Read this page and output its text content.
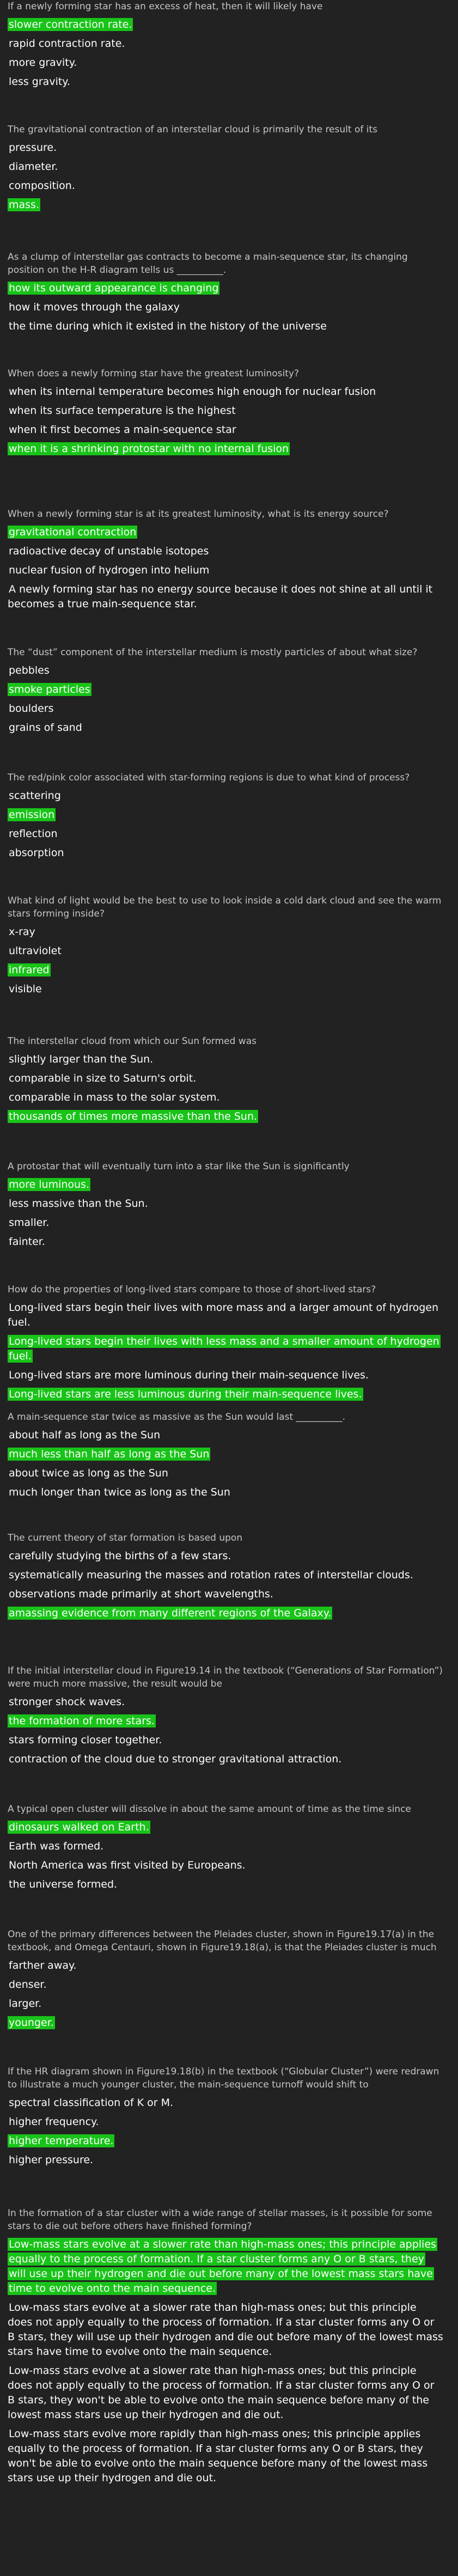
If a newly forming star has an excess of heat, then it will likely have

slower contraction rate.
rapid contraction rate.
more gravity.
less gravity.

The gravitational contraction of an interstellar cloud is primarily the result of its

pressure.
diameter.
composition.
mass.

As a clump of interstellar gas contracts to become a main-sequence star, its changing position on the H-R diagram tells us __________.

how its outward appearance is changing
how it moves through the galaxy
the time during which it existed in the history of the universe

When does a newly forming star have the greatest luminosity?

when its internal temperature becomes high enough for nuclear fusion
when its surface temperature is the highest
when it first becomes a main-sequence star
when it is a shrinking protostar with no internal fusion

When a newly forming star is at its greatest luminosity, what is its energy source?

gravitational contraction
radioactive decay of unstable isotopes
nuclear fusion of hydrogen into helium
A newly forming star has no energy source because it does not shine at all until it becomes a true main-sequence star.

The “dust” component of the interstellar medium is mostly particles of about what size?

pebbles
smoke particles
boulders
grains of sand

The red/pink color associated with star-forming regions is due to what kind of process?

scattering
emission
reflection
absorption

What kind of light would be the best to use to look inside a cold dark cloud and see the warm stars forming inside?

x-ray
ultraviolet
infrared
visible

The interstellar cloud from which our Sun formed was

slightly larger than the Sun.
comparable in size to Saturn's orbit.
comparable in mass to the solar system.
thousands of times more massive than the Sun.

A protostar that will eventually turn into a star like the Sun is significantly

more luminous.
less massive than the Sun.
smaller.
fainter.

How do the properties of long-lived stars compare to those of short-lived stars?

Long-lived stars begin their lives with more mass and a larger amount of hydrogen fuel.
Long-lived stars begin their lives with less mass and a smaller amount of hydrogen fuel.
Long-lived stars are more luminous during their main-sequence lives.
Long-lived stars are less luminous during their main-sequence lives.

A main-sequence star twice as massive as the Sun would last __________.

about half as long as the Sun
much less than half as long as the Sun
about twice as long as the Sun
much longer than twice as long as the Sun

The current theory of star formation is based upon

carefully studying the births of a few stars.
systematically measuring the masses and rotation rates of interstellar clouds.
observations made primarily at short wavelengths.
amassing evidence from many different regions of the Galaxy.

If the initial interstellar cloud in Figure19.14 in the textbook (“Generations of Star Formation”) were much more massive, the result would be

stronger shock waves.
the formation of more stars.
stars forming closer together.
contraction of the cloud due to stronger gravitational attraction.

A typical open cluster will dissolve in about the same amount of time as the time since

dinosaurs walked on Earth.
Earth was formed.
North America was first visited by Europeans.
the universe formed.

One of the primary differences between the Pleiades cluster, shown in Figure19.17(a) in the textbook, and Omega Centauri, shown in Figure19.18(a), is that the Pleiades cluster is much

farther away.
denser.
larger.
younger.

If the HR diagram shown in Figure19.18(b) in the textbook (“Globular Cluster”) were redrawn to illustrate a much younger cluster, the main-sequence turnoff would shift to

spectral classification of K or M.
higher frequency.
higher temperature.
higher pressure.

In the formation of a star cluster with a wide range of stellar masses, is it possible for some stars to die out before others have finished forming?

Low-mass stars evolve at a slower rate than high-mass ones; this principle applies equally to the process of formation. If a star cluster forms any O or B stars, they will use up their hydrogen and die out before many of the lowest mass stars have time to evolve onto the main sequence.
Low-mass stars evolve at a slower rate than high-mass ones; but this principle does not apply equally to the process of formation. If a star cluster forms any O or B stars, they will use up their hydrogen and die out before many of the lowest mass stars have time to evolve onto the main sequence.
Low-mass stars evolve at a slower rate than high-mass ones; but this principle does not apply equally to the process of formation. If a star cluster forms any O or B stars, they won't be able to evolve onto the main sequence before many of the lowest mass stars use up their hydrogen and die out.
Low-mass stars evolve more rapidly than high-mass ones; this principle applies equally to the process of formation. If a star cluster forms any O or B stars, they won't be able to evolve onto the main sequence before many of the lowest mass stars use up their hydrogen and die out.
